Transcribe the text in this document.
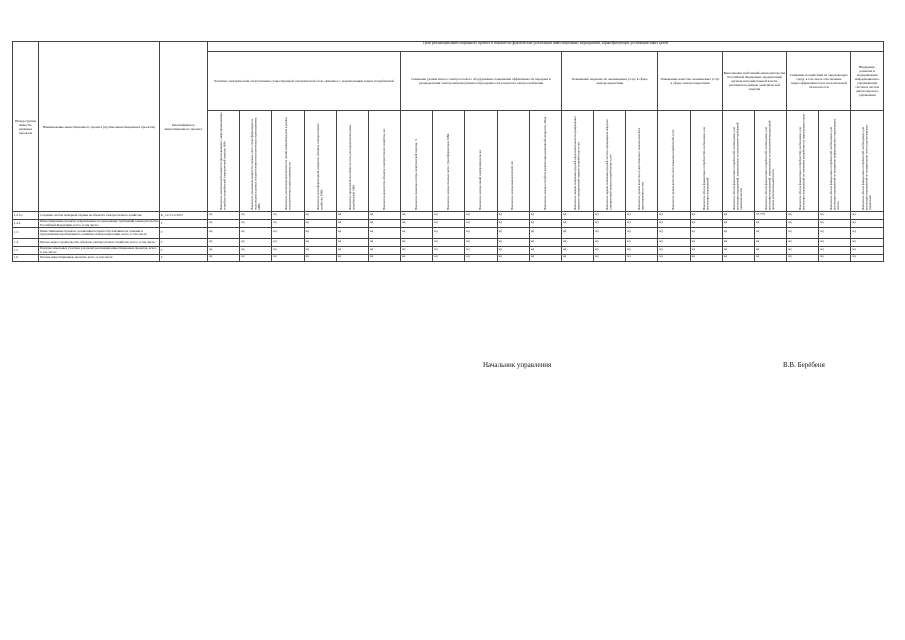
Номер группы инвести-ционных проектов	Наименование инвестиционного проекта (группы инвестиционных проектов)	Идентификатор инвестиционного проекта	Цели реализации инвестиционного проекта и показатели (фактические) реализации инвестиционных мероприятий, характеризующих достижения таких целей																				

			Развитие электрической сети/усиление существующей электрической сети, связанное с подключением новых потребителей						Снижение уровня износа электросетевого оборудования, повышение эффективности передачи и распределения электроэнергии (мощности) надежности и качества электроснабжения					Повышение надежности оказываемых услуг в сфере электроэнергетики			Повышение качества оказываемых услуг в сфере электроэнергетики		Выполнение требований законодательства Российской Федерации, предписаний органов исполнительной власти, регламентов рынков электрической энергии		Снижение воздействия на окружающую среду, в том числе обеспечение энергоэффективности и экологической безопасности		Внедрение, развитие и модернизация информационно-управляющих систем и систем диспетчерского управления

			Показатель максимальной мощности присоединяемых энергопринимающих устройств потребителей электрической энергии, МВт	Показатель увеличения мощности силовых (авто-) трансформаторов на подстанциях в рамках осуществления технологического присоединения, МВА	Показатель увеличения протяженности линий электропередачи в рамках технологического присоединения, км	Показатель трансформаторной мощности объектов электросетевого хозяйства, МВА	Показатель пропускной способности сети для подключения новых потребителей, МВт	Показатель количества объектов электросетевого хозяйства, шт.	Показатель снижения потерь электрической энергии, %	Показатель замены силовых (авто-) трансформаторов, МВА	Показатель замены линий электропередачи, км	Показатель замены выключателей, шт.	Показатель замены устройств компенсации реактивной мощности, Мвар	Показатель оценки изменения средней продолжительности прекращения передачи электрической энергии потребителям услуг	Показатель оценки изменения средней частоты прекращения передачи электрической энергии потребителям услуг	Показатель уровня качества осуществляемого технологического присоединения к сети	Показатель уровня качества обслуживания потребителей услуг	Показатель объема финансовых потребностей, необходимых для реализации мероприятий	Показатель объема финансовых потребностей, необходимых для реализации мероприятий, направленных на выполнение требований законодательства	Показатель объема финансовых потребностей, необходимых для реализации мероприятий, направленных на выполнение предписаний органов исполнительной власти	Показатель объема финансовых потребностей, необходимых для реализации мероприятий по снижению воздействия на окружающую среду	Показатель объема финансовых потребностей, необходимых для реализации мероприятий по внедрению информационно-управляющих систем	Показатель объема финансовых потребностей, необходимых для реализации мероприятий по модернизации систем диспетчерского управления

1.2.3.1	Создание систем пожарной охраны на объектах электросетевого хозяйства	К_1.2.3.1.2.2015	нд	нд	нд	нд	нд	нд	нд	нд	нд	нд	нд	нд	нд	нд	нд	нд	нд	37,779	нд	нд	нд

1.2.4	Инвестиционные проекты, направленные на выполнение требований законодательства Российской Федерации, всего, в том числе:	Г	нд	нд	нд	нд	нд	нд	нд	нд	нд	нд	нд	нд	нд	нд	нд	нд	нд	нд	нд	нд	нд

1.3	Инвестиционные проекты, реализация которых обуславливается схемами и программами перспективного развития электроэнергетики, всего, в том числе:	Г	нд	нд	нд	нд	нд	нд	нд	нд	нд	нд	нд	нд	нд	нд	нд	нд	нд	нд	нд	нд	нд

1.4	Прочее новое строительство объектов электросетевого хозяйства, всего, в том числе:	Г	нд	нд	нд	нд	нд	нд	нд	нд	нд	нд	нд	нд	нд	нд	нд	нд	нд	нд	нд	нд	нд

1.5	Покупка земельных участков для целей реализации инвестиционных проектов, всего, в том числе:	Г	нд	нд	нд	нд	нд	нд	нд	нд	нд	нд	нд	нд	нд	нд	нд	нд	нд	нд	нд	нд	нд

1.6	Прочие инвестиционные проекты, всего, в том числе:	Г	нд	нд	нд	нд	нд	нд	нд	нд	нд	нд	нд	нд	нд	нд	нд	нд	нд	нд	нд	нд	нд
Начальник управления	В.В. Берёбеня
